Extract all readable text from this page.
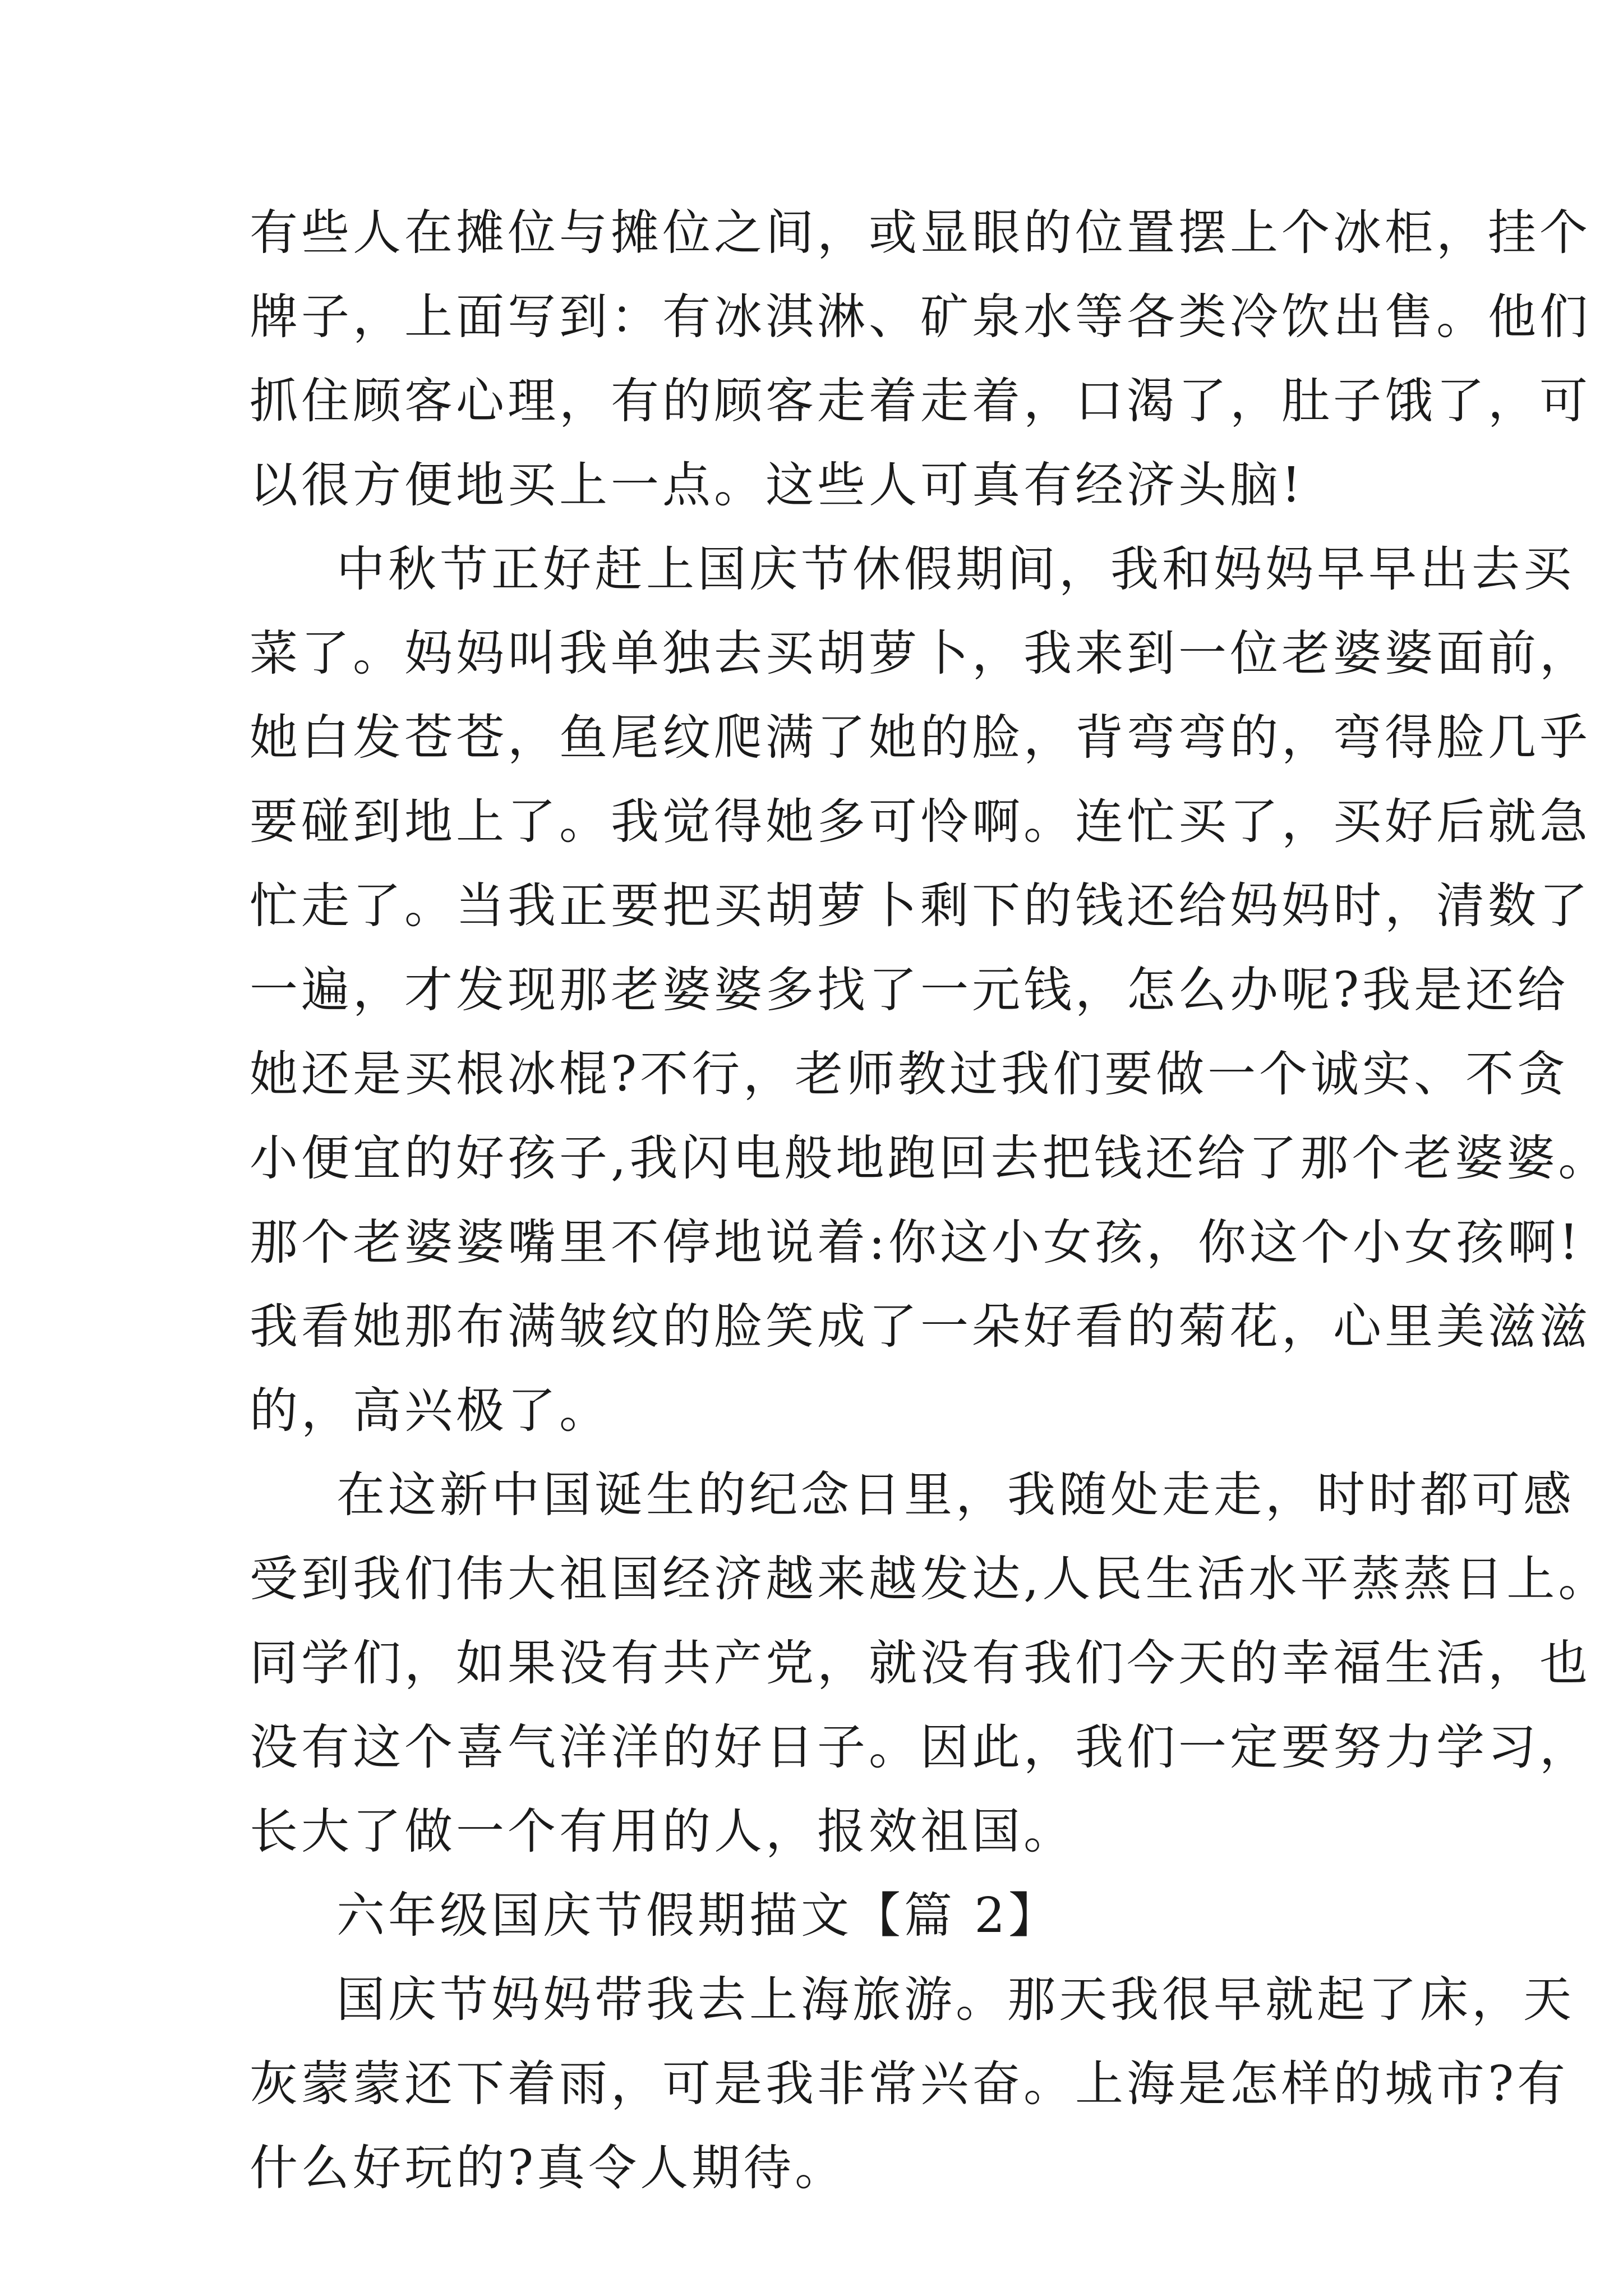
有些人在摊位与摊位之间，或显眼的位置摆上个冰柜，挂个
牌子，上面写到：有冰淇淋、矿泉水等各类冷饮出售。他们
抓住顾客心理，有的顾客走着走着，口渴了，肚子饿了，可
以很方便地买上一点。这些人可真有经济头脑!
中秋节正好赶上国庆节休假期间，我和妈妈早早出去买
菜了。妈妈叫我单独去买胡萝卜，我来到一位老婆婆面前，
她白发苍苍，鱼尾纹爬满了她的脸，背弯弯的，弯得脸几乎
要碰到地上了。我觉得她多可怜啊。连忙买了，买好后就急
忙走了。当我正要把买胡萝卜剩下的钱还给妈妈时，清数了
一遍，才发现那老婆婆多找了一元钱，怎么办呢?我是还给
她还是买根冰棍?不行，老师教过我们要做一个诚实、不贪
小便宜的好孩子,我闪电般地跑回去把钱还给了那个老婆婆。
那个老婆婆嘴里不停地说着:你这小女孩，你这个小女孩啊!
我看她那布满皱纹的脸笑成了一朵好看的菊花，心里美滋滋
的，高兴极了。
在这新中国诞生的纪念日里，我随处走走，时时都可感
受到我们伟大祖国经济越来越发达,人民生活水平蒸蒸日上。
同学们，如果没有共产党，就没有我们今天的幸福生活，也
没有这个喜气洋洋的好日子。因此，我们一定要努力学习，
长大了做一个有用的人，报效祖国。
六年级国庆节假期描文【篇 2】
国庆节妈妈带我去上海旅游。那天我很早就起了床，天
灰蒙蒙还下着雨，可是我非常兴奋。上海是怎样的城市?有
什么好玩的?真令人期待。
